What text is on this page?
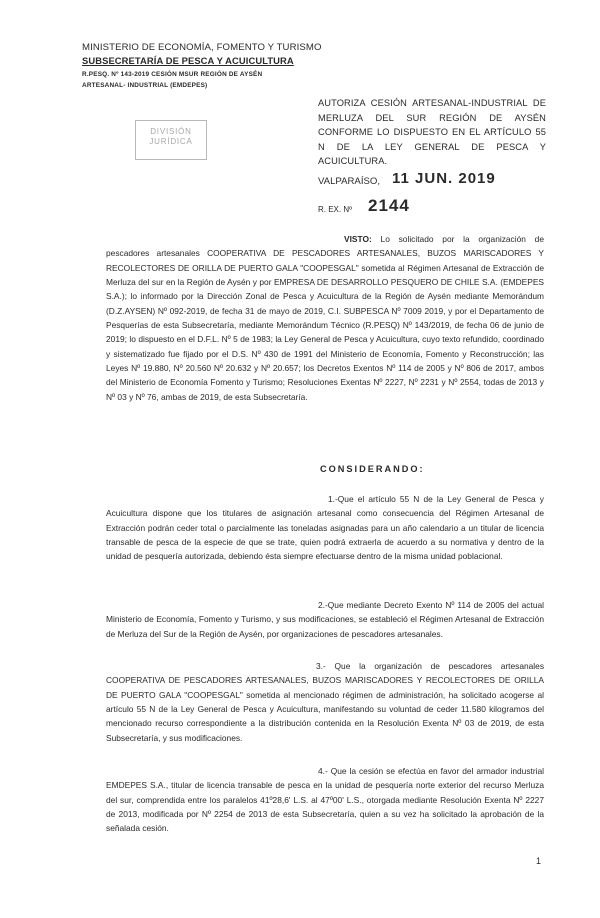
MINISTERIO DE ECONOMÍA, FOMENTO Y TURISMO
SUBSECRETARÍA DE PESCA Y ACUICULTURA
R.PESQ. Nº 143-2019 CESIÓN MSUR REGIÓN DE AYSÉN
ARTESANAL- INDUSTRIAL (EMDEPES)
DIVISIÓN
JURÍDICA
AUTORIZA CESIÓN ARTESANAL-INDUSTRIAL DE MERLUZA DEL SUR REGIÓN DE AYSÉN CONFORME LO DISPUESTO EN EL ARTÍCULO 55 N DE LA LEY GENERAL DE PESCA Y ACUICULTURA.
VALPARAÍSO, 11 JUN. 2019
R. EX. Nº 2144
VISTO: Lo solicitado por la organización de pescadores artesanales COOPERATIVA DE PESCADORES ARTESANALES, BUZOS MARISCADORES Y RECOLECTORES DE ORILLA DE PUERTO GALA "COOPESGAL" sometida al Régimen Artesanal de Extracción de Merluza del sur en la Región de Aysén y por EMPRESA DE DESARROLLO PESQUERO DE CHILE S.A. (EMDEPES S.A.); lo informado por la Dirección Zonal de Pesca y Acuicultura de la Región de Aysén mediante Memorándum (D.Z.AYSEN) Nº 092-2019, de fecha 31 de mayo de 2019, C.I. SUBPESCA Nº 7009 2019, y por el Departamento de Pesquerías de esta Subsecretaría, mediante Memorándum Técnico (R.PESQ) Nº 143/2019, de fecha 06 de junio de 2019; lo dispuesto en el D.F.L. Nº 5 de 1983; la Ley General de Pesca y Acuicultura, cuyo texto refundido, coordinado y sistematizado fue fijado por el D.S. Nº 430 de 1991 del Ministerio de Economía, Fomento y Reconstrucción; las Leyes Nº 19.880, Nº 20.560 Nº 20.632 y Nº 20.657; los Decretos Exentos Nº 114 de 2005 y Nº 806 de 2017, ambos del Ministerio de Economía Fomento y Turismo; Resoluciones Exentas Nº 2227, Nº 2231 y Nº 2554, todas de 2013 y Nº 03 y Nº 76, ambas de 2019, de esta Subsecretaría.
CONSIDERANDO:
1.-Que el artículo 55 N de la Ley General de Pesca y Acuicultura dispone que los titulares de asignación artesanal como consecuencia del Régimen Artesanal de Extracción podrán ceder total o parcialmente las toneladas asignadas para un año calendario a un titular de licencia transable de pesca de la especie de que se trate, quien podrá extraerla de acuerdo a su normativa y dentro de la unidad de pesquería autorizada, debiendo ésta siempre efectuarse dentro de la misma unidad poblacional.
2.-Que mediante Decreto Exento Nº 114 de 2005 del actual Ministerio de Economía, Fomento y Turismo, y sus modificaciones, se estableció el Régimen Artesanal de Extracción de Merluza del Sur de la Región de Aysén, por organizaciones de pescadores artesanales.
3.- Que la organización de pescadores artesanales COOPERATIVA DE PESCADORES ARTESANALES, BUZOS MARISCADORES Y RECOLECTORES DE ORILLA DE PUERTO GALA "COOPESGAL" sometida al mencionado régimen de administración, ha solicitado acogerse al artículo 55 N de la Ley General de Pesca y Acuicultura, manifestando su voluntad de ceder 11.580 kilogramos del mencionado recurso correspondiente a la distribución contenida en la Resolución Exenta Nº 03 de 2019, de esta Subsecretaría, y sus modificaciones.
4.- Que la cesión se efectúa en favor del armador industrial EMDEPES S.A., titular de licencia transable de pesca en la unidad de pesquería norte exterior del recurso Merluza del sur, comprendida entre los paralelos 41º28,6' L.S. al 47º00' L.S., otorgada mediante Resolución Exenta Nº 2227 de 2013, modificada por Nº 2254 de 2013 de esta Subsecretaría, quien a su vez ha solicitado la aprobación de la señalada cesión.
1
